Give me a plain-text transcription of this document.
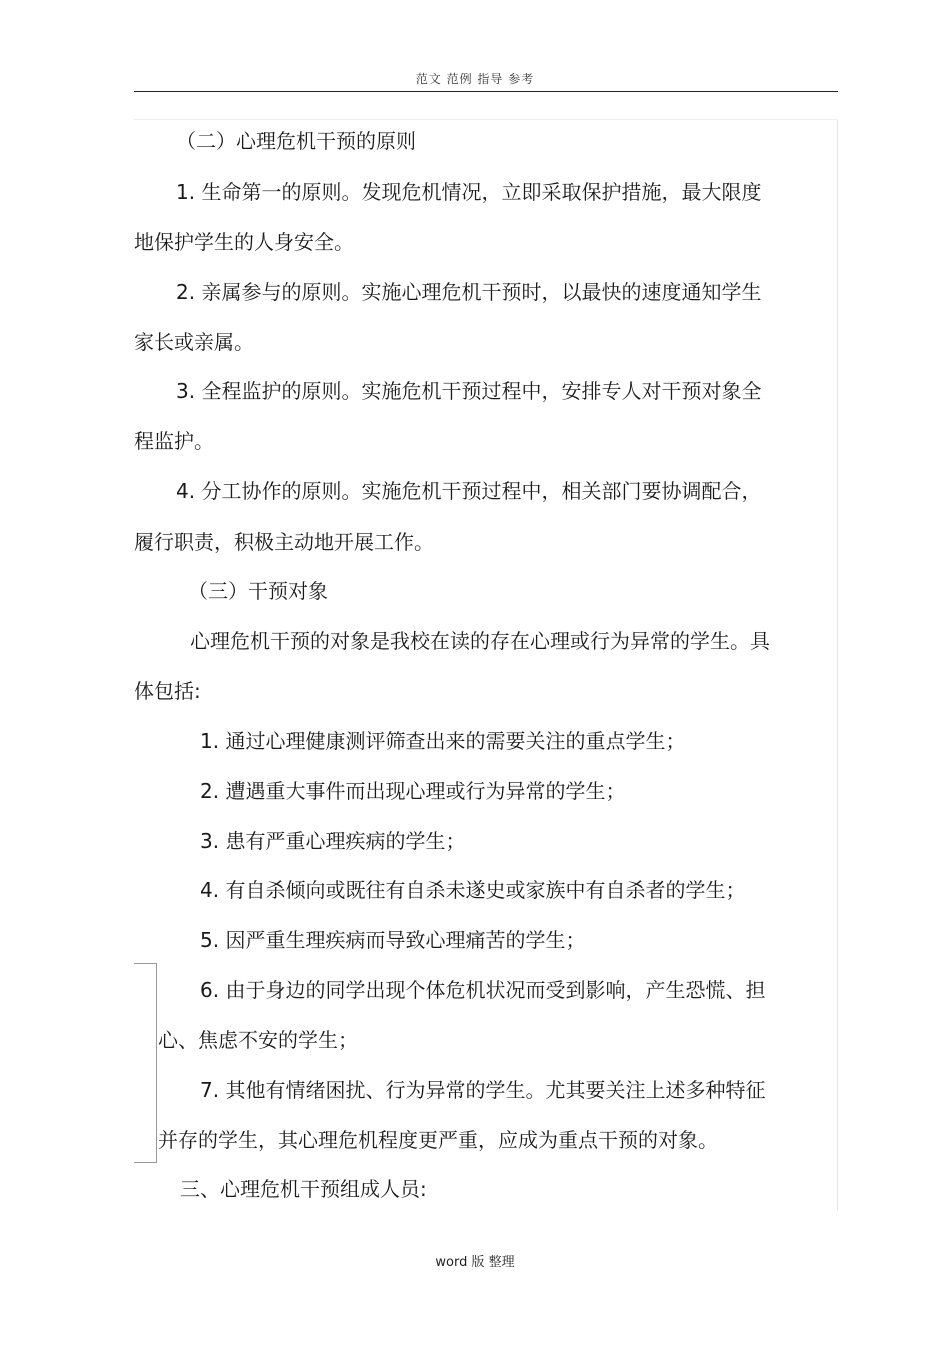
范文 范例 指导 参考
（二）心理危机干预的原则
1. 生命第一的原则。发现危机情况，立即采取保护措施，最大限度
地保护学生的人身安全。
2. 亲属参与的原则。实施心理危机干预时，以最快的速度通知学生
家长或亲属。
3. 全程监护的原则。实施危机干预过程中，安排专人对干预对象全
程监护。
4. 分工协作的原则。实施危机干预过程中，相关部门要协调配合，
履行职责，积极主动地开展工作。
（三）干预对象
心理危机干预的对象是我校在读的存在心理或行为异常的学生。具
体包括:
1. 通过心理健康测评筛查出来的需要关注的重点学生；
2. 遭遇重大事件而出现心理或行为异常的学生；
3. 患有严重心理疾病的学生；
4. 有自杀倾向或既往有自杀未遂史或家族中有自杀者的学生；
5. 因严重生理疾病而导致心理痛苦的学生；
6. 由于身边的同学出现个体危机状况而受到影响，产生恐慌、担
心、焦虑不安的学生；
7. 其他有情绪困扰、行为异常的学生。尤其要关注上述多种特征
并存的学生，其心理危机程度更严重，应成为重点干预的对象。
三、心理危机干预组成人员:
word 版 整理
